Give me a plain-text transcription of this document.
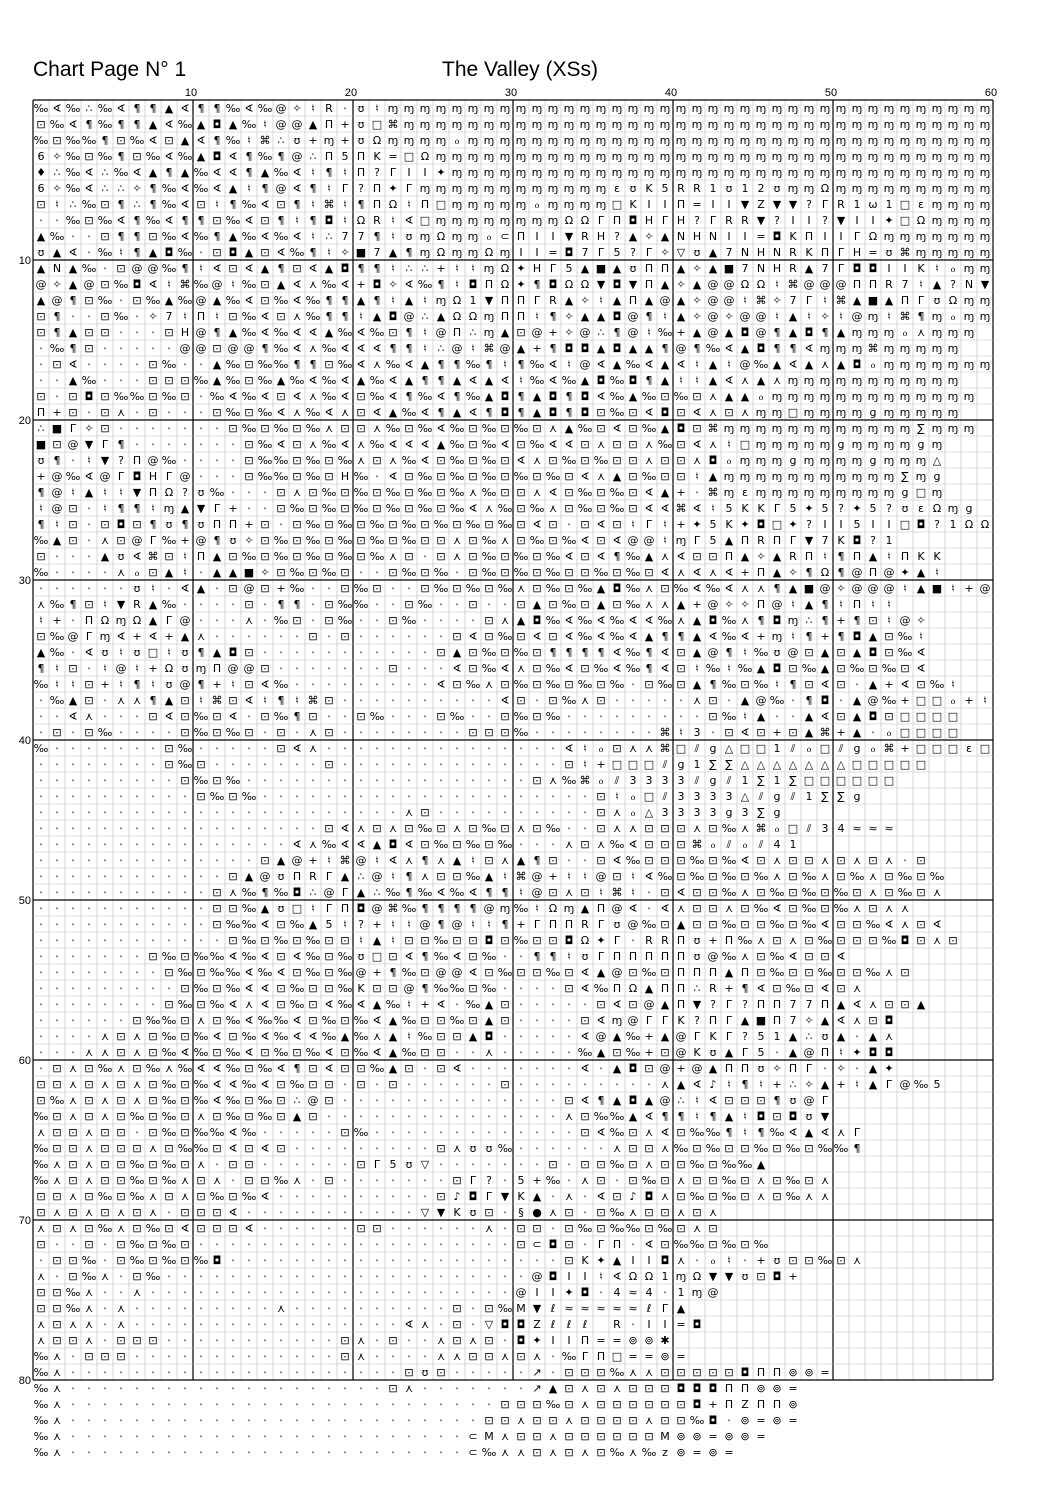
Chart Page N° 1	The Valley (XSs)
‰ ∢ ‰ ∴ ‰ ∢ ¶ ¶ ▲ ∢ ¶ ¶ ‰ ∢ ‰ @ ✧ ♮ R · ʊ ♮ ɱ ɱ ɱ ɱ ɱ ɱ ɱ ɱ ɱ ɱ ɱ ɱ ɱ ɱ ɱ ɱ ɱ ɱ ɱ ɱ ɱ ɱ ɱ ɱ ɱ ɱ ɱ ɱ ɱ ɱ ɱ ɱ ɱ ɱ ɱ ɱ ɱ ɱ
⊡ ‰ ∢ ¶ ‰ ¶ ¶ ▲ ∢ ‰ ▲ ◘ ▲ ‰ ♮ @ @ ▲ Π + ʊ □ ⌘ ɱ ɱ ɱ ɱ ɱ ɱ ɱ ɱ ɱ ɱ ɱ ɱ ɱ ɱ ɱ ɱ ɱ ɱ ɱ ɱ ɱ ɱ ɱ ɱ ɱ ɱ ɱ ɱ ɱ ɱ ɱ ɱ ɱ ɱ ɱ ɱ ɱ
‰ ⊡ ‰ ‰ ¶ ⊡ ‰ ∢ ⊡ ▲ ∢ ¶ ‰ ♮ ⌘ ∴ ʊ + ɱ + ʊ Ω ɱ ɱ ɱ ɱ ℴ ɱ ɱ ɱ ɱ ɱ ɱ ɱ ɱ ɱ ɱ ɱ ɱ ɱ ɱ ɱ ɱ ɱ ɱ ɱ ɱ ɱ ɱ ɱ ɱ ɱ ɱ ɱ ɱ ɱ ɱ ɱ ɱ ɱ
6 ✧ ‰ ⊡ ‰ ¶ ⊡ ‰ ∢ ‰ ▲ ◘ ∢ ¶ ‰ ¶ @ ∴ Π 5 Π K = □ Ω ɱ ɱ ɱ ɱ ɱ ɱ ɱ ɱ ɱ ɱ ɱ ɱ ɱ ɱ ɱ ɱ ɱ ɱ ɱ ɱ ɱ ɱ ɱ ɱ ɱ ɱ ɱ ɱ ɱ ɱ ɱ ɱ ɱ ɱ ɱ
♦ ∴ ‰ ∢ ∴ ‰ ∢ ▲ ¶ ▲ ‰ ∢ ∢ ¶ ▲ ‰ ∢ ♮ ¶ ♮ Π ? Γ I I ✦ ɱ ɱ ɱ ɱ ɱ ɱ ɱ ɱ ɱ ɱ ɱ ɱ ɱ ɱ ɱ ɱ ɱ ɱ ɱ ɱ ɱ ɱ ɱ ɱ ɱ ɱ ɱ ɱ ɱ ɱ ɱ ɱ ɱ ɱ
6 ✧ ‰ ∢ ∴ ∴ ✧ ¶ ‰ ∢ ‰ ∢ ▲ ♮ ¶ @ ∢ ¶ ♮ Γ ? Π ✦ Γ ɱ ɱ ɱ ɱ ɱ ɱ ɱ ɱ ɱ ɱ ɱ ɱ ɛ ʊ K 5 R R 1 ʊ 1 2 ʊ ɱ ɱ Ω ɱ ɱ ɱ ɱ ɱ ɱ ɱ ɱ ɱ ɱ
⊡ ♮ ∴ ‰ ⊡ ¶ ∴ ¶ ‰ ∢ ⊡ ♮ ¶ ‰ ∢ ⊡ ¶ ♮ ⌘ ♮ ¶ Π Ω ♮ Π □ ɱ ɱ ɱ ɱ ɱ ℴ ɱ ɱ ɱ ɱ □ K I I Π = I I ▼ Z ▼ ▼ ? Γ R 1 ω 1 □ ɛ ɱ ɱ ɱ ɱ
· · ‰ ⊡ ‰ ∢ ¶ ‰ ∢ ¶ ¶ ⊡ ‰ ∢ ⊡ ¶ ♮ ¶ ◘ ♮ Ω R ♮ ∢ □ ɱ ɱ ɱ ɱ ɱ ɱ ɱ ɱ Ω Ω Γ Π ◘ H Γ H ? Γ R R ▼ ? I I ? ▼ I I ✦ □ Ω ɱ ɱ ɱ ɱ
▲ ‰ · · ⊡ ¶ ¶ ⊡ ‰ ∢ ‰ ¶ ▲ ‰ ∢ ‰ ∢ ♮ ∴ 7 7 ¶ ♮ ʊ ɱ Ω ɱ ɱ ℴ ⊂ Π I I ▼ R H ? ▲ ✧ ▲ N H N I I = ◘ K Π I I Γ Ω ɱ ɱ ɱ ɱ ɱ ɱ ɱ
ʊ ▲ ∢ · ‰ ♮ ¶ ▲ ◘ ‰ · ⊡ ◘ ▲ ⊡ ∢ ‰ ¶ ♮ ✧ ■ 7 ▲ ¶ ɱ Ω ɱ ɱ Ω ɱ I I = ◘ 7 Γ 5 ? Γ ✧ ▽ ʊ ▲ 7 N H N R K Π Γ H = ʊ ⌘ ɱ ɱ ɱ ɱ ɱ
▲ N ▲ ‰ · ⊡ @ @ ‰ ¶ ♮ ∢ ⊡ ∢ ▲ ¶ ⊡ ∢ ▲ ◘ ¶ ¶ ♮ ∴ ∴ + ♮ ♮ ɱ Ω ✦ H Γ 5 ▲ ■ ▲ ʊ Π Π ▲ ✧ ▲ ■ 7 N H R ▲ 7 Γ ◘ ◘ I I K ♮ ℴ ɱ ɱ
@ ✧ ▲ @ ⊡ ‰ ◘ ∢ ♮ ⌘ ‰ @ ♮ ‰ ⊡ ▲ ∢ ⋏ ‰ ∢ + ◘ ✧ ∢ ‰ ¶ ♮ ◘ Π Ω ✦ ¶ ◘ Ω Ω ▼ ◘ ▼ Π ▲ ✧ ▲ @ @ Ω Ω ♮ ⌘ @ @ @ Π Π R 7 ♮ ▲ ? N ▼
▲ @ ¶ ⊡ ‰ · ⊡ ‰ ▲ ‰ @ ▲ ‰ ∢ ⊡ ‰ ∢ ‰ ¶ ¶ ▲ ¶ ♮ ▲ ♮ ɱ Ω 1 ▼ Π Π Γ R ▲ ✧ ♮ ▲ Π ▲ @ ▲ ✧ @ @ ♮ ⌘ ✧ 7 Γ ♮ ⌘ ▲ ■ ▲ Π Γ ʊ Ω ɱ ɱ
⊡ ¶ · · ⊡ ‰ · ✧ 7 ♮ Π ♮ ⊡ ‰ ∢ ⊡ ⋏ ‰ ¶ ¶ ♮ ▲ ◘ @ ∴ ▲ Ω Ω ɱ Π Π ♮ ¶ ✧ ▲ ▲ ◘ @ ¶ ♮ ▲ ✧ @ ✧ @ @ ♮ ▲ ♮ ✧ ♮ @ ɱ ♮ ⌘ ¶ ɱ ℴ ɱ ɱ
⊡ ¶ ▲ ⊡ ⊡ · · · ⊡ H @ ¶ ▲ ‰ ∢ ‰ ∢ ∢ ▲ ‰ ∢ ‰ ⊡ ¶ ♮ @ Π ∴ ɱ ▲ ⊡ @ + ✧ @ ∴ ¶ @ ♮ ‰ + ▲ @ ▲ ◘ @ ¶ ▲ ◘ ¶ ▲ ɱ ɱ ɱ ℴ ⋏ ɱ ɱ ɱ
· ‰ ¶ ⊡ · · · · · @ @ ⊡ @ @ ¶ ‰ ∢ ⋏ ‰ ∢ ∢ ∢ ¶ ¶ ♮ ∴ @ ♮ ⌘ @ ▲ + ¶ ◘ ◘ ▲ ◘ ▲ ▲ ¶ @ ¶ ‰ ∢ ▲ ◘ ¶ ¶ ∢ ɱ ɱ ɱ ⌘ ɱ ɱ ɱ ɱ ɱ
· ⊡ ∢ · · · · ⊡ ‰ · · ▲ ‰ ⊡ ‰ ‰ ¶ ¶ ⊡ ‰ ∢ ⋏ ‰ ∢ ▲ ¶ ¶ ‰ ¶ ♮ ¶ ‰ ∢ ♮ @ ∢ ▲ ‰ ∢ ▲ ∢ ♮ ▲ ♮ @ ‰ ▲ ∢ ▲ ⋏ ▲ ◘ ℴ ɱ ɱ ɱ ɱ ɱ ɱ ɱ
· · ▲ ‰ · · · ⊡ ⊡ ⊡ ‰ ▲ ‰ ⊡ ‰ ▲ ‰ ∢ ‰ ∢ ▲ ‰ ∢ ▲ ¶ ¶ ▲ ∢ ▲ ∢ ♮ ‰ ∢ ‰ ▲ ◘ ‰ ◘ ¶ ▲ ♮ ♮ ▲ ∢ ⋏ ▲ ⋏ ɱ ɱ ɱ ɱ ɱ ɱ ɱ ɱ ɱ ɱ ɱ
⊡ · ⊡ ◘ ⊡ ‰ ‰ ⊡ ‰ ⊡ · ‰ ∢ ‰ ∢ ⊡ ∢ ⋏ ‰ ∢ ⊡ ‰ ∢ ¶ ‰ ∢ ¶ ‰ ▲ ◘ ¶ ▲ ◘ ¶ ◘ ∢ ‰ ▲ ‰ ⊡ ‰ ⊡ ⋏ ▲ ▲ ℴ ɱ ɱ ɱ ɱ ɱ ɱ ɱ ɱ ɱ ɱ ɱ ɱ ɱ
Π + ⊡ · ⊡ ⋏ · ⊡ · · · ⊡ ‰ ⊡ ‰ ∢ ⋏ ‰ ∢ ⋏ ⊡ ∢ ▲ ‰ ∢ ¶ ▲ ∢ ¶ ◘ ¶ ▲ ◘ ¶ ◘ ⊡ ‰ ⊡ ∢ ◘ ⊡ ∢ ⋏ ⊡ ⋏ ɱ ɱ □ ɱ ɱ ɱ ɱ g ɱ ɱ ɱ ɱ ɱ
∴ ■ Γ ✧ ⊡ · · · · · · · ⊡ ‰ ⊡ ‰ ⊡ ‰ ⋏ ⊡ ⊡ ⋏ ‰ ⊡ ‰ ∢ ‰ ⊡ ‰ ⊡ ‰ ⊡ ⋏ ▲ ‰ ⊡ ∢ ⊡ ‰ ▲ ◘ ⊡ ⌘ ɱ ɱ ɱ ɱ ɱ ɱ ɱ ɱ ɱ ɱ ɱ ɱ ∑ ɱ ɱ ɱ
■ ⊡ @ ▼ Γ ¶ · · · · · · · ⊡ ‰ ∢ ⊡ ⋏ ‰ ∢ ⋏ ‰ ∢ ∢ ∢ ▲ ‰ ⊡ ‰ ∢ ⊡ ‰ ∢ ∢ ⊡ ⋏ ⊡ ⊡ ⋏ ‰ ⊡ ∢ ⋏ ♮ □ ɱ ɱ ɱ ɱ ɱ g ɱ ɱ ɱ ɱ g ɱ
ʊ ¶ · ♮ ▼ ? Π @ ‰ · · · · ⊡ ‰ ‰ ⊡ ‰ ⊡ ‰ ⋏ ⊡ ⋏ ‰ ∢ ⊡ ‰ ⊡ ‰ ⊡ ∢ ⋏ ⊡ ‰ ⊡ ‰ ⊡ ⊡ ⋏ ⊡ ⊡ ⋏ ◘ ℴ ɱ ɱ ɱ g ɱ ɱ ɱ ɱ g ɱ ɱ ɱ △
+ @ ‰ ∢ @ Γ ◘ H Γ @ · · · ⊡ ‰ ‰ ⊡ ‰ ⊡ H ‰ · ∢ ⊡ ‰ ⊡ ‰ ⊡ ‰ ⊡ ‰ ⊡ ‰ ⊡ ∢ ⋏ ▲ ⊡ ‰ ⊡ ⊡ ♮ ▲ ɱ ɱ ɱ ɱ ɱ ɱ ɱ ɱ ɱ ɱ ɱ ∑ ɱ g
¶ @ ♮ ▲ ♮ ♮ ▼ Π Ω ? ʊ ‰ · · · ⊡ ⋏ ⊡ ‰ ⊡ ‰ ⊡ ‰ ⊡ ‰ ⊡ ‰ ⋏ ‰ ⊡ ⊡ ⋏ ∢ ⊡ ‰ ⊡ ‰ ⊡ ∢ ▲ + · ⌘ ɱ ɛ ɱ ɱ ɱ ɱ ɱ ɱ ɱ ɱ ɱ g □ ɱ
♮ @ ⊡ · ♮ ¶ ¶ ♮ ɱ ▲ ▼ Γ + · · ⊡ ‰ ⊡ ‰ ⊡ ‰ ⊡ ‰ ⊡ ‰ ⊡ ‰ ∢ ⋏ ‰ ⊡ ‰ ⋏ ⊡ ‰ ⊡ ‰ ⊡ ∢ ∢ ⌘ ∢ ♮ 5 K K Γ 5 ✦ 5 ? ✦ 5 ? ʊ ɛ Ω ɱ g
¶ ♮ ⊡ · ⊡ ◘ ⊡ ¶ ʊ ¶ ʊ Π Π + ⊡ · ⊡ ‰ ⊡ ‰ ⊡ ‰ ⊡ ‰ ⊡ ‰ ⊡ ‰ ⊡ ‰ ⊡ ∢ ⊡ · ⊡ ∢ ⊡ ♮ Γ ♮ + ✦ 5 K ✦ ◘ □ ✦ ? I I 5 I I □ ◘ ? 1 Ω Ω
‰ ▲ ⊡ · ⋏ ⊡ @ Γ ‰ + @ ¶ ʊ ✧ ⊡ ‰ ⊡ ‰ ⊡ ‰ ⊡ ‰ ⊡ ‰ ⊡ ⊡ ⋏ ⊡ ‰ ⋏ ⊡ ‰ ⊡ ‰ ∢ ⊡ ∢ @ @ ♮ ɱ Γ 5 ▲ Π R Π Γ ▼ 7 K ◘ ? 1
⊡ · · · ▲ ʊ ∢ ⌘ ⊡ ♮ Π ▲ ⊡ ‰ ⊡ ‰ ⊡ ‰ ⊡ ‰ ⊡ ‰ ⋏ ⊡ · ⊡ ⋏ ⊡ ‰ ⊡ ‰ ⊡ ‰ ∢ ⊡ ∢ ¶ ‰ ▲ ⋏ ∢ ⊡ ⊡ Π ▲ ✧ ▲ R Π ♮ ¶ Π ▲ ♮ Π K K
‰ · · · · ⋏ ℴ ⊡ ▲ ♮ · ▲ ▲ ■ ✧ ⊡ ‰ ⊡ ‰ ⊡ · · ⊡ ‰ ⊡ ‰ · ⊡ ‰ ⊡ ‰ ⊡ ‰ ⊡ ⊡ ‰ ⊡ ‰ ⊡ ∢ ⋏ ∢ ⋏ ∢ + Π ▲ ✧ ¶ Ω ¶ @ Π @ ✦ ▲ ♮
· · · · · · ʊ ♮ · ∢ ▲ · ⊡ @ ⊡ + ‰ · · ⊡ ‰ ⊡ · · ⊡ ‰ ⊡ ‰ ⊡ ‰ ⋏ ⊡ ‰ ⊡ ‰ ▲ ◘ ‰ ⋏ ⊡ ‰ ∢ ‰ ∢ ⋏ ⋏ ¶ ▲ ■ @ ✧ @ @ @ ♮ ▲ ■ ♮ + @
⋏ ‰ ¶ ⊡ ♮ ▼ R ▲ ‰ · · · · ⊡ · ¶ ¶ · ⊡ ‰ ‰ · · ⊡ ‰ · · ⊡ · · ⊡ ▲ ⊡ ‰ ⊡ ▲ ⊡ ‰ ⋏ ⋏ ▲ + @ ✧ ✧ Π @ ♮ ▲ ¶ ♮ Π ♮ ♮
♮ + · Π Ω ɱ Ω ▲ Γ @ · · · ⋏ · ‰ ⊡ · ⊡ ‰ · · ⊡ ‰ · · · · ⊡ ⋏ ▲ ◘ ‰ ∢ ‰ ∢ ‰ ∢ ∢ ‰ ⋏ ▲ ◘ ‰ ⋏ ¶ ◘ ɱ ∴ ¶ + ¶ ⊡ ♮ @ ✧
⊡ ‰ @ Γ ɱ ∢ + ∢ + ▲ ⋏ · · · · · · ⊡ · ⊡ · · · · · · ⊡ ∢ ⊡ ‰ ⊡ ∢ ⊡ ∢ ‰ ∢ ‰ ∢ ▲ ¶ ¶ ▲ ∢ ‰ ∢ + ɱ ♮ ¶ + ¶ ◘ ▲ ⊡ ‰ ♮
▲ ‰ · ∢ ʊ ♮ ʊ □ ♮ ʊ ¶ ▲ ◘ ⊡ · · · · · · · · · · · ⊡ ▲ ⊡ ‰ ⊡ ‰ ⊡ ¶ ¶ ¶ ¶ ∢ ‰ ¶ ∢ ⊡ ▲ @ ¶ ♮ ‰ ʊ @ ⊡ ▲ ⊡ ▲ ◘ ⊡ ‰ ∢
¶ ♮ ⊡ · ♮ @ ♮ + Ω ʊ ɱ Π @ @ ⊡ · · · · · · · ⊡ · · · ∢ ⊡ ‰ ∢ ⋏ ⊡ ‰ ∢ ⊡ ‰ ∢ ‰ ¶ ∢ ⊡ ♮ ‰ ♮ ‰ ▲ ◘ ⊡ ‰ ▲ ⊡ ‰ ⊡ ‰ ⊡ ∢
‰ ♮ ♮ ⊡ + ♮ ¶ ♮ ʊ @ ¶ + ♮ ⊡ ∢ ‰ · · · · · · · · · ∢ ⊡ ‰ ⋏ ⊡ ‰ ⊡ ‰ ⊡ ‰ ⊡ ‰ · ⊡ ‰ ⊡ ▲ ¶ ‰ ⊡ ‰ ♮ ¶ ⊡ ∢ ⊡ · ▲ + ∢ ⊡ ‰ ♮
· ‰ ▲ ⊡ · ⋏ ⋏ ¶ ▲ ⊡ ♮ ⌘ ⊡ ∢ ♮ ¶ ♮ ⌘ ⊡ · · · · · · · · · · ∢ ⊡ · ⊡ ‰ ⋏ ⊡ · · · · · ⋏ ⊡ · ▲ @ ‰ · ¶ ◘ · ▲ @ ‰ + □ □ ℴ + ♮
· · ∢ ⋏ · · · ⊡ ∢ ⊡ ‰ ⊡ ∢ · ⊡ ‰ ¶ ⊡ · · ⊡ ‰ · · · ⊡ ‰ · · ⊡ ‰ ⊡ ‰ · · · · · · · · · ⊡ ‰ ♮ ▲ · · ▲ ∢ ⊡ ▲ ◘ ⊡ □ □ □ □
· ⊡ · ⊡ ‰ · · · · ⊡ ‰ ⊡ ‰ ⊡ · ⊡ · ⋏ ⊡ · · · · · · · · ⊡ ⊡ ⊡ ‰ · · · · · · · · ⌘ ♮ 3 · ⊡ ∢ ⊡ + ⊡ ▲ ⌘ + ▲ · ℴ □ □ □ □
‰ · · · · · · · ⊡ ‰ · · · · · ⊡ ∢ ⋏ · · · · · · · · · · · · · · · ∢ ♮ ℴ ⊡ ⋏ ⋏ ⌘ □ ⫽ g △ □ □ 1 ⫽ ℴ □ ⫽ g ℴ ⌘ + □ □ □ ɛ □
· · · · · · · · ⊡ ‰ ⊡ · · · · · · · ⊡ · · · · · · · · · · · · · · ⊡ ♮ + □ □ □ ⫽ g 1 ∑ ∑ △ △ △ △ △ △ △ □ □ □ □ □
· · · · · · · · · ⊡ ‰ ⊡ ‰ · · · · · · · · · · · · · · · · · · ⊡ ⋏ ‰ ⌘ ℴ ⫽ 3 3 3 3 ⫽ g ⫽ 1 ∑ 1 ∑ □ □ □ □ □ □
· · · · · · · · · · ⊡ ‰ ⊡ ‰ · · · · · · · · · · · · · · · · · · · · · ⊡ ♮ ℴ □ ⫽ 3 3 3 3 △ ⫽ g ⫽ 1 ∑ ∑ g
· · · · · · · · · · · · · · · · · · · · · · · ⋏ ⊡ · · · · · · · · · · ⊡ ⋏ ℴ △ 3 3 3 3 g 3 ∑ g
· · · · · · · · · · · · · · · · · · ⊡ ∢ ⋏ ⊡ ⋏ ⊡ ‰ ⊡ ⋏ ⊡ ‰ ⊡ ⋏ ⊡ ‰ · · ⊡ ⋏ ⋏ ⊡ ⊡ ⊡ ⋏ ⊡ ‰ ⋏ ⌘ ℴ □ ⫽ 3 4 ≈ ≈ ≈
· · · · · · · · · · · · · · · · ∢ ⋏ ‰ ∢ ∢ ▲ ◘ ∢ ⊡ ‰ ⊡ ‰ ⊡ ‰ · · · ⋏ ⊡ ⋏ ‰ ∢ ⊡ ⊡ ⊡ ⌘ ℴ ⫽ ℴ ⫽ 4 1
· · · · · · · · · · · · · · ⊡ ▲ @ + ♮ ⌘ @ ♮ ∢ ⋏ ¶ ⋏ ▲ ♮ ⊡ ⋏ ▲ ¶ ⊡ · · ⊡ ∢ ‰ ⊡ ⊡ ⊡ ‰ ⊡ ‰ ∢ ⊡ ⋏ ⊡ ⊡ ⋏ ⊡ ⋏ ⊡ ⋏ · ⊡
· · · · · · · · · · · · ⊡ ▲ @ ʊ Π R Γ ▲ ∴ @ ♮ ¶ ⋏ ⊡ ⊡ ‰ ▲ ♮ ⌘ @ + ♮ ♮ @ ⊡ ♮ ∢ ‰ ⊡ ‰ ⊡ ‰ ⊡ ‰ ⋏ ⊡ ‰ ⋏ ⊡ ‰ ⋏ ⊡ ‰ ⊡ ‰
· · · · · · · · · · · ⊡ ⋏ ‰ ¶ ‰ ◘ ∴ @ Γ ▲ ∴ ‰ ¶ ‰ ∢ ‰ ∢ ¶ ¶ ♮ @ ⊡ ⋏ ⊡ ♮ ⌘ ♮ · ⊡ ∢ ⊡ ⊡ ‰ ⋏ ⊡ ‰ ⊡ ‰ ⊡ ‰ ⊡ ⋏ ⊡ ‰ ⊡ ⋏
· · · · · · · · · · · ⊡ ⊡ ‰ ▲ ʊ □ ♮ Γ Π ◘ @ ⌘ ‰ ¶ ¶ ¶ ¶ @ ɱ ‰ ♮ Ω ɱ ▲ Π @ ∢ · ∢ ⋏ ⊡ ⊡ ⋏ ⊡ ‰ ∢ ⊡ ‰ ⊡ ‰ ⋏ ⊡ ⋏ ⋏
· · · · · · · · · · · ⊡ ‰ ‰ ∢ ⊡ ‰ ▲ 5 ♮ ? + ♮ ♮ @ ¶ @ ♮ ♮ ¶ + Γ Π Π R Γ ʊ @ ‰ ⊡ ▲ ⊡ ⊡ ‰ ⊡ ⊡ ‰ ⊡ ‰ ∢ ⊡ ⊡ ‰ ∢ ⋏ ⊡ ∢
· · · · · · · · · · · · ⊡ ‰ ⊡ ‰ ⊡ ‰ ⊡ ⊡ ♮ ▲ ♮ ⊡ ⊡ ‰ ⊡ ⊡ ◘ ⊡ ‰ ⊡ ⊡ ◘ Ω ✦ Γ · R R Π ʊ + Π ‰ ⋏ ⊡ ⋏ ⊡ ‰ ⊡ ⊡ ⊡ ‰ ◘ ⊡ ⋏ ⊡
· · · · · · · ⊡ ‰ ⊡ ‰ ‰ ∢ ‰ ∢ ⊡ ∢ ‰ ⊡ ‰ ʊ □ ⊡ ∢ ¶ ‰ ∢ ⊡ ‰ · · ¶ ¶ ♮ ʊ Γ Π Π Π Π Π ʊ @ ‰ ⋏ ⊡ ‰ ∢ ⊡ ⊡ ∢
· · · · · · · · ⊡ ‰ ⊡ ‰ ‰ ∢ ‰ ∢ ⊡ ‰ ⊡ ‰ @ + ¶ ‰ ⊡ @ @ ∢ ⊡ ‰ ⊡ ⊡ ‰ ⊡ ∢ ▲ @ ⊡ ‰ ⊡ Π Π Π ▲ Π ⊡ ‰ ⊡ ⊡ ‰ ⊡ ⊡ ‰ ⋏ ⊡
· · · · · · · · · ⊡ ‰ ⊡ ‰ ∢ ∢ ⊡ ‰ ⊡ ⊡ ‰ K ⊡ ⊡ @ ¶ ‰ ‰ ⊡ ‰ · · · · ⊡ ∢ ‰ Π Ω ▲ Π Π ∴ R + ¶ ∢ ⊡ ‰ ⊡ ∢ ⊡ ⋏
· · · · · · · · ⊡ ‰ ⊡ ‰ ∢ ⋏ ∢ ⊡ ‰ ⊡ ∢ ‰ ∢ ▲ ‰ ♮ + ∢ · ‰ ▲ ⊡ · · · · · ⊡ ∢ ⊡ @ ▲ Π ▼ ? Γ ? Π Π 7 7 Π ▲ ∢ ⋏ ⊡ ⊡ ▲
· · · · · · ⊡ ‰ ‰ ⊡ ⋏ ⊡ ‰ ∢ ‰ ‰ ∢ ⊡ ‰ ⊡ ‰ ∢ ▲ ‰ ⊡ ⊡ ‰ ⊡ ▲ ⊡ · · · · ⊡ ∢ ɱ @ Γ Γ K ? Π Γ ▲ ■ Π 7 ✧ ▲ ∢ ⋏ ⊡ ◘
· · · · ⋏ ⊡ ⋏ ⊡ ‰ ⊡ ‰ ∢ ⊡ ‰ ∢ ‰ ∢ ∢ ‰ ▲ ‰ ⋏ ▲ ♮ ‰ ⊡ ⊡ ▲ ◘ · · · · · ∢ @ ▲ ‰ + ▲ @ Γ K Γ ? 5 1 ▲ ∴ ʊ ▲ · ▲ ⋏
· · · ⋏ ⋏ ⊡ ⋏ ⊡ ‰ ∢ ‰ ⊡ ‰ ∢ ⊡ ‰ ⊡ ‰ ∢ ⊡ ‰ ∢ ▲ ‰ ⊡ ⊡ · · ⋏ · · · · · ‰ ▲ ⊡ ‰ + ⊡ @ K ʊ ▲ Γ 5 · ▲ @ Π ♮ ✦ ◘ ◘
· ⊡ ⋏ ⊡ ‰ ⋏ ⊡ ‰ ⋏ ‰ ∢ ∢ ‰ ⊡ ‰ ∢ ¶ ⊡ ∢ ⊡ ⊡ ‰ ▲ ⊡ · ⊡ ∢ · · · · · · · ∢ · ▲ ◘ ⊡ @ + @ ▲ Π Π ʊ ✧ Π Γ · ✧ · ▲ ✦
⊡ ⊡ ⋏ ⊡ ⋏ ⊡ ⋏ ⊡ ‰ ⊡ ‰ ∢ ∢ ‰ ∢ ⊡ ‰ ⊡ ⊡ · ⊡ · ⊡ · · · · · · ⊡ · · · · · · · · · ⋏ ▲ ∢ ♪ ♮ ¶ ♮ + ∴ ✧ ▲ + ♮ ▲ Γ @ ‰ 5
⊡ ‰ ⋏ ⊡ ⋏ ⊡ ⋏ ⊡ ‰ ⊡ ‰ ∢ ‰ ⊡ ‰ ⊡ ∴ @ ⊡ · · · · · · · · · · · · · · ⊡ ∢ ¶ ▲ ◘ ▲ @ ∴ ♮ ∢ ⊡ ⊡ ⊡ ¶ ʊ @ Γ
‰ ⊡ ⋏ ⊡ ⋏ ⊡ ‰ ⊡ ‰ ⊡ ⋏ ⊡ ‰ ⊡ ‰ ⊡ ▲ ⊡ · · · · · · · · · · · · · · · ⋏ ⊡ ‰ ‰ ▲ ∢ ¶ ¶ ♮ ¶ ▲ ♮ ◘ ⊡ ◘ ʊ ▼
⋏ ⊡ ⊡ ⋏ ⊡ ⊡ · ⊡ ‰ ⊡ ‰ ‰ ∢ ‰ · · · · · ⊡ ‰ · · · · · · · · · · · · · ⊡ ∢ ‰ ⊡ ⋏ ∢ ⊡ ‰ ‰ ¶ ♮ ¶ ‰ ∢ ▲ ∢ ⋏ Γ
‰ ⊡ ⊡ ⋏ ⊡ ⊡ ⊡ ⋏ ⊡ ‰ ‰ ⊡ ∢ ⊡ ∢ ⊡ · · · · · · · · · ⊡ ⋏ ʊ ʊ ‰ · · · · · · ⋏ ⊡ ⊡ ⋏ ‰ ⊡ ‰ ⊡ ⊡ ‰ ⊡ ‰ ⊡ ‰ ‰ ¶
‰ ⋏ ⊡ ⋏ ⊡ ⊡ ‰ ⊡ ‰ ⊡ ⋏ · ⊡ ⊡ · · · · · · ⊡ Γ 5 ʊ ▽ · · · · · · · ⊡ · ⊡ ⊡ ‰ ⊡ ⋏ ⊡ ⊡ ‰ ⊡ ‰ ‰ ▲
‰ ⋏ ⊡ ⋏ ⊡ ⊡ ‰ ⊡ ‰ ⋏ ⊡ ⋏ · ⊡ ⊡ ‰ ⋏ · ⊡ · · · · · · · ⊡ Γ ? · 5 + ‰ · ⋏ ⊡ · ⊡ ‰ ⊡ ⋏ ⊡ ⊡ ‰ ⊡ ⋏ ⊡ ‰ ⊡ ⋏
⊡ ⊡ ⋏ ⊡ ‰ ⊡ ‰ ⋏ ⊡ ⋏ ⊡ ‰ ⊡ ‰ ∢ · · · · · · · · · · ⊡ ♪ ◘ Γ ▼ K ▲ · ⋏ · ∢ ⊡ ♪ ◘ ⋏ ⊡ ‰ ⊡ ‰ ⊡ ⋏ ⊡ ‰ ⋏ ⋏
⊡ ⋏ ⊡ ⋏ ⊡ ⋏ ⊡ ⋏ · ⊡ ⊡ ⊡ ∢ · · · · · · · · · · · ▽ ▼ K ʊ ⊡ · § ● ⋏ ⊡ · ⊡ ‰ ⋏ ⊡ ⊡ ⋏ ⊡ ⋏
⋏ ⊡ ⋏ ⊡ ‰ ⋏ ⊡ ‰ ⊡ ∢ ⊡ ⊡ ⊡ ∢ · · · · · · ⊡ ⊡ · · · · · · ⋏ · ⊡ ⊡ · ⊡ ‰ ⊡ ‰ ‰ ⊡ ‰ ⊡ ⋏ ⊡
⊡ · · ⊡ · ⊡ ‰ ⊡ ‰ ⊡ · · · · · · · · · · · · · · · · · · · · ⊡ ⊂ ◘ ⊡ · Γ Π · ∢ ⊡ ‰ ‰ ⊡ ‰ ⊡ ‰
· ⊡ ⊡ ‰ · ⊡ ‰ ⊡ ‰ ⊡ ‰ ◘ · · · · · · · · · · · · · · · · · · · · · ⊡ K ✦ ▲ I I ◘ ⋏ · ℴ ♮ · + ʊ ⊡ ⊡ ‰ ⊡ ⋏
⋏ · ⊡ ‰ ⋏ · ⊡ ‰ · · · · · · · · · · · · · · · · · · · · · · · @ ◘ I I ♮ ∢ Ω Ω 1 ɱ Ω ▼ ▼ ʊ ⊡ ◘ +
⊡ ⊡ ‰ ⋏ · · ⋏ · · · · · · · · · · · · · · · · · · · · · · · @ I I ✦ ◘ · 4 ≈ 4 · 1 ɱ @
⊡ ⊡ ‰ ⋏ · ⋏ · · · · · · · · · ⋏ · · · · · · · · · · ⊡ · ⊡ ‰ M ▼ ℓ ≈ ≈ ≈ ≈ ≈ ℓ Γ ▲
⋏ ⊡ ⋏ ⋏ · ⋏ · · · · · · · · · · · · · · · · · ∢ ⋏ · ⊡ · ▽ ◘ ◘ Z ℓ ℓ ℓ R · I I = ◘
⋏ ⊡ ⊡ ⋏ · ⊡ ⊡ ⊡ · · · · · · · · · · · ⊡ ⋏ · ⊡ · · ⋏ ⊡ ⋏ ⊡ · ◘ ✦ I I Π = = ⊚ ⊚ ✱
‰ ⋏ · ⊡ ⊡ ⊡ · · · · · · · · · · · · · ⊡ ⋏ · · · · ⋏ ⋏ ⊡ ⊡ ⋏ ⊡ ⋏ · ‰ Γ Π □ = = ⊚ =
‰ ⋏ · · · · · · · · · · · · · · · · · · · · · ⊡ ʊ ⊡ · · · · · ↗ · ⊡ ⊡ ⊡ ‰ ⋏ ⋏ ⊡ ⊡ ⊡ ⊡ ⊡ ◘ Π Π ⊚ ⊚ =
‰ ⋏ · · · · · · · · · · · · · · · · · · · · ⊡ ⋏ · · · · · · · ↗ ▲ ⊡ ⋏ ⊡ ⋏ ⊡ ⊡ ⊡ ◘ ◘ ◘ Π Π ⊚ ⊚ =
‰ ⋏ · · · · · · · · · · · · · · · · · · · · · · · · · · · ⊡ ⊡ ⊡ ‰ ⊡ ⋏ ⊡ ⊡ ⊡ ⊡ ⊡ ⊡ ◘ + Π Z Π Π ⊚
‰ ⋏ · · · · · · · · · · · · · · · · · · · · · · · · · · ⊡ ⊡ ⋏ ⊡ ⊡ ⋏ ⊡ ⊡ ⊡ ⊡ ⋏ ⊡ ⊡ ‰ ◘ · ⊚ = ⊚ =
‰ ⋏ · · · · · · · · · · · · · · · · · · · · · · · · · ⊂ M ⋏ ⊡ ⊡ ⋏ ⊡ ⊡ ⊡ ⊡ ⊡ ⊡ M ⊚ ⊚ = ⊚ ⊚ =
‰ ⋏ · · · · · · · · · · · · · · · · · · · · · · · · · ⊂ ‰ ⋏ ⋏ ⊡ ⋏ ⊡ ⋏ ⊡ ‰ ⋏ ‰ z ⊚ = ⊚ =
10	20	30	40	50	60
10
20
30
40
50
60
70
80
